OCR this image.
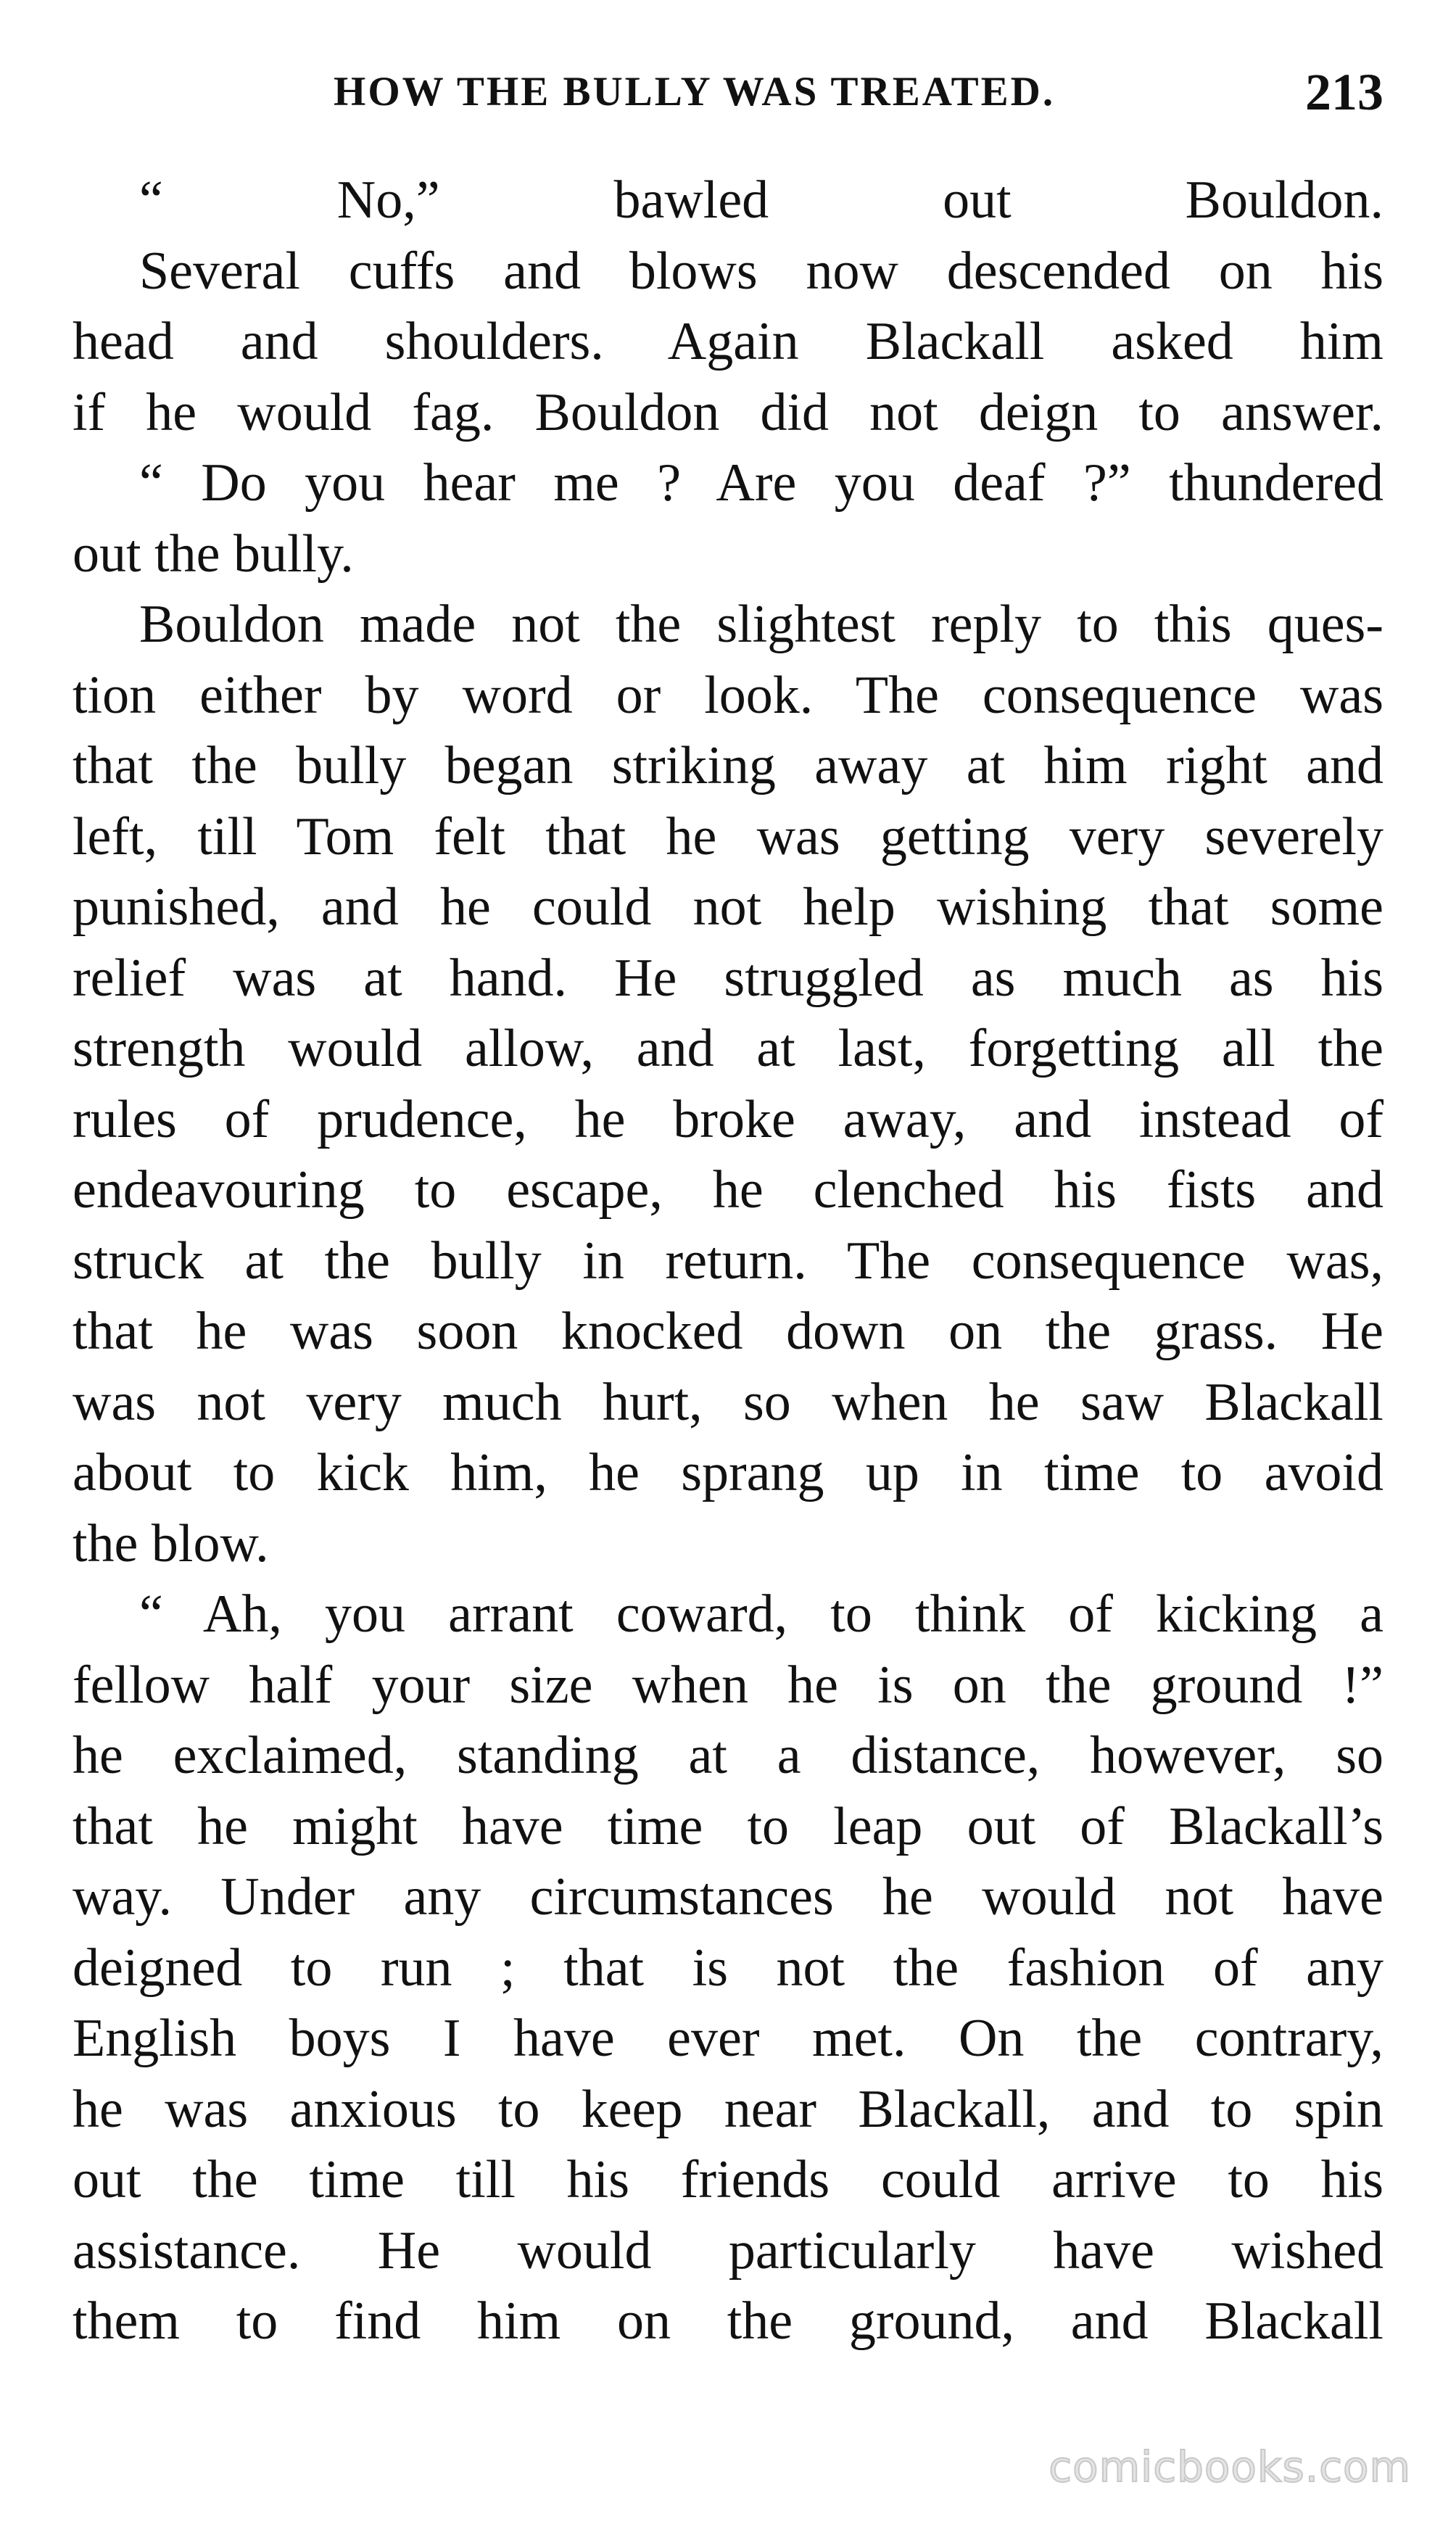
HOW THE BULLY WAS TREATED.	213
“ No,” bawled out Bouldon.
Several cuffs and blows now descended on his
head and shoulders. Again Blackall asked him
if he would fag. Bouldon did not deign to answer.
“ Do you hear me ? Are you deaf ?” thundered
out the bully.
Bouldon made not the slightest reply to this ques-
tion either by word or look. The consequence was
that the bully began striking away at him right and
left, till Tom felt that he was getting very severely
punished, and he could not help wishing that some
relief was at hand. He struggled as much as his
strength would allow, and at last, forgetting all the
rules of prudence, he broke away, and instead of
endeavouring to escape, he clenched his fists and
struck at the bully in return. The consequence was,
that he was soon knocked down on the grass. He
was not very much hurt, so when he saw Blackall
about to kick him, he sprang up in time to avoid
the blow.
“ Ah, you arrant coward, to think of kicking a
fellow half your size when he is on the ground !”
he exclaimed, standing at a distance, however, so
that he might have time to leap out of Blackall’s
way. Under any circumstances he would not have
deigned to run ; that is not the fashion of any
English boys I have ever met. On the contrary,
he was anxious to keep near Blackall, and to spin
out the time till his friends could arrive to his
assistance. He would particularly have wished
them to find him on the ground, and Blackall
comicbooks.com
